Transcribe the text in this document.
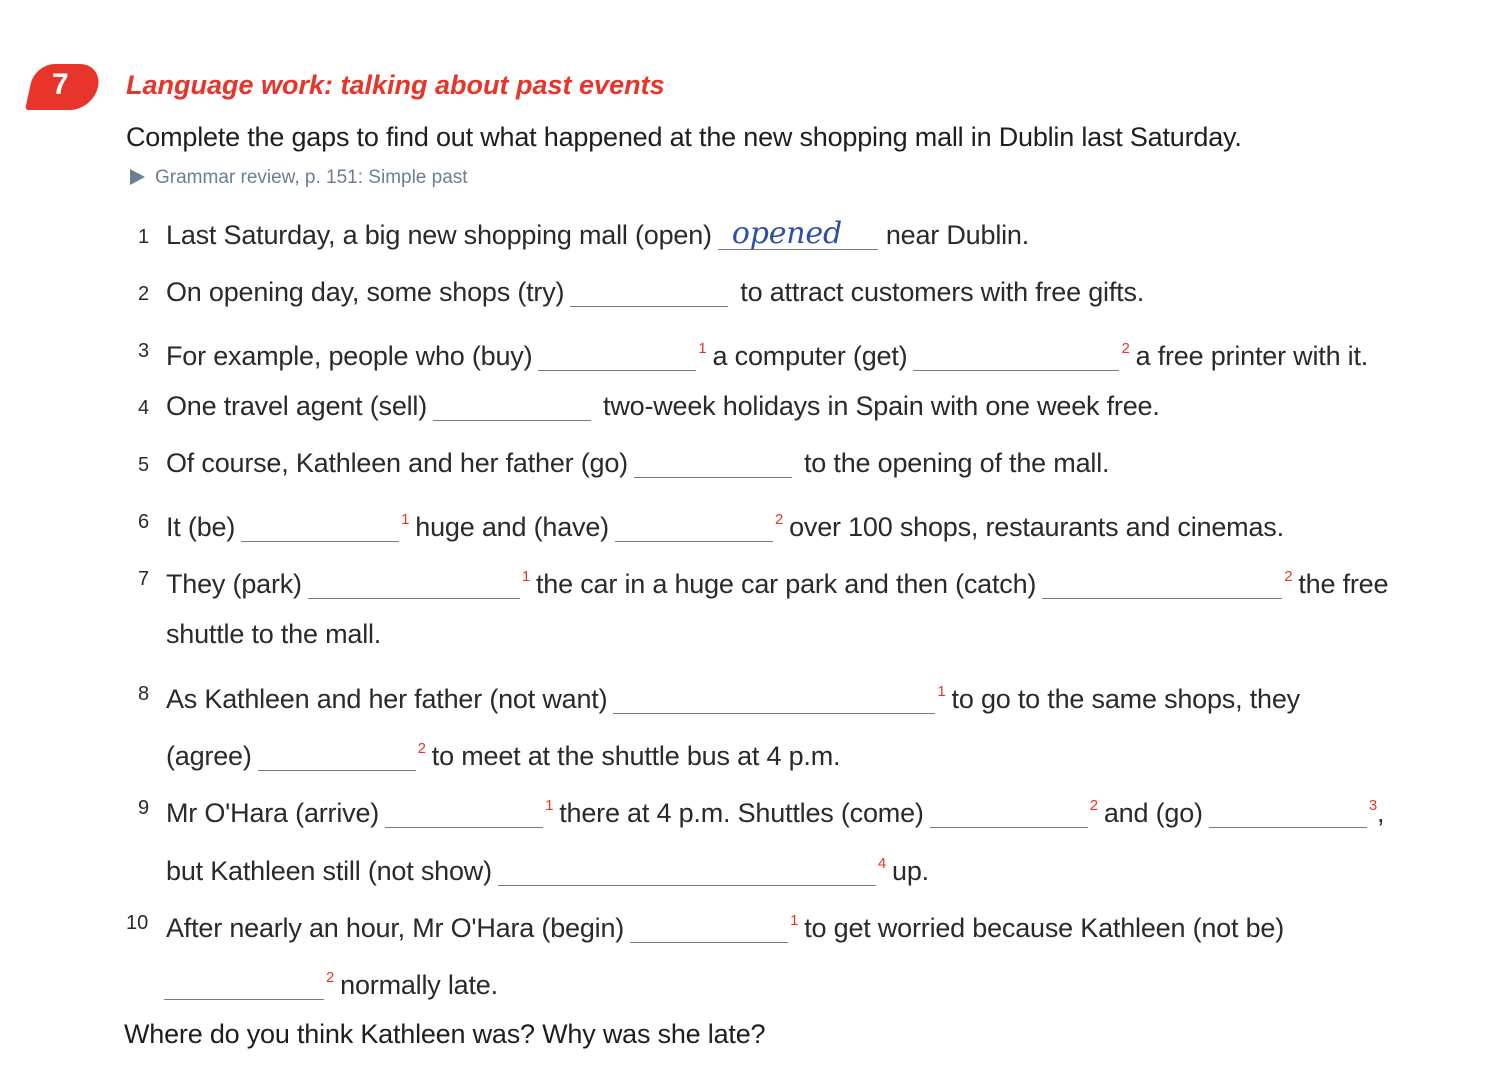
7 Language work: talking about past events
Complete the gaps to find out what happened at the new shopping mall in Dublin last Saturday.
Grammar review, p. 151: Simple past
1 Last Saturday, a big new shopping mall (open) opened near Dublin.
2 On opening day, some shops (try)	to attract customers with free gifts.
3 For example, people who (buy)	$^1$ a computer (get)	$^2$ a free printer with it.
4 One travel agent (sell)	two-week holidays in Spain with one week free.
5 Of course, Kathleen and her father (go)	to the opening of the mall.
6 It (be)	$^1$ huge and (have)	$^2$ over 100 shops, restaurants and cinemas.
7 They (park)	$^1$ the car in a huge car park and then (catch)	$^2$ the free
shuttle to the mall.
8 As Kathleen and her father (not want)	$^1$ to go to the same shops, they
(agree)	$^2$ to meet at the shuttle bus at 4 p.m.
9 Mr O'Hara (arrive)	$^1$ there at 4 p.m. Shuttles (come)	$^2$ and (go)	$^3$,
but Kathleen still (not show)	$^4$ up.
10 After nearly an hour, Mr O'Hara (begin)	$^1$ to get worried because Kathleen (not be)
$^2$ normally late.
Where do you think Kathleen was? Why was she late?
